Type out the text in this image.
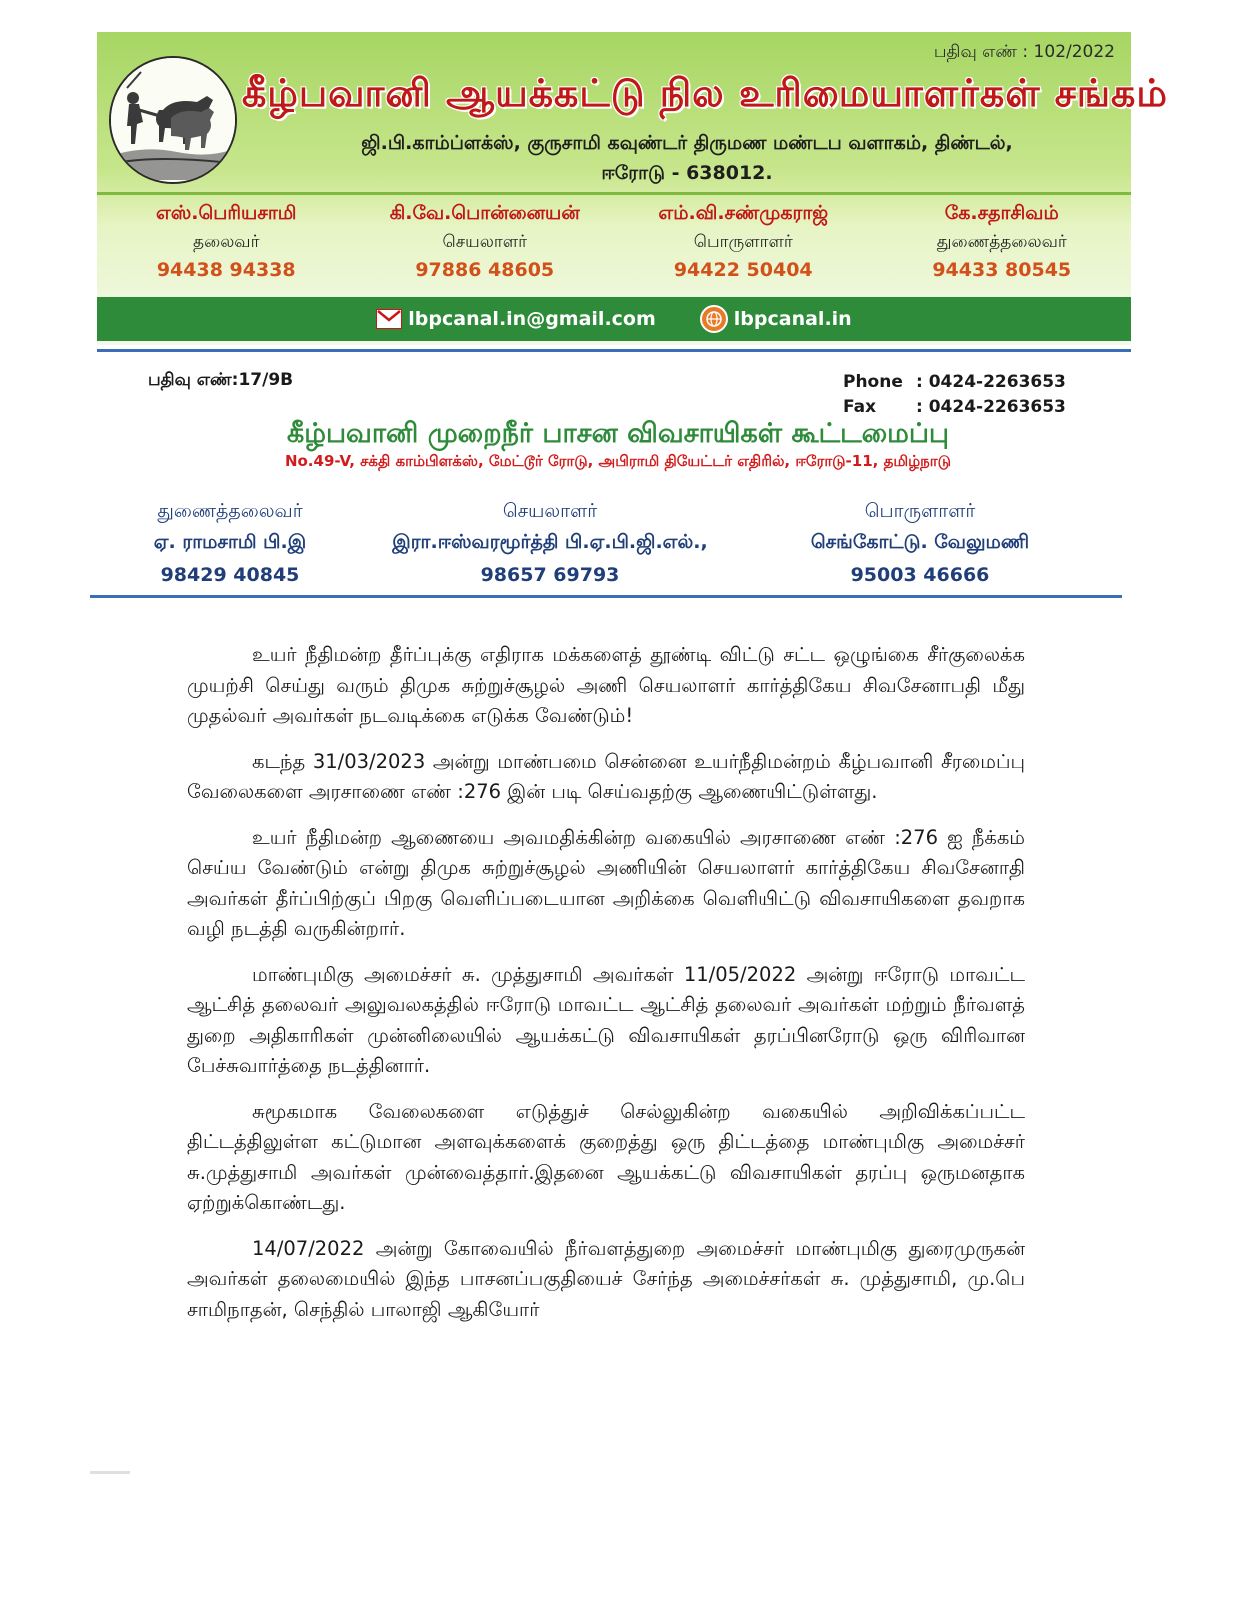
பதிவு எண் : 102/2022
கீழ்பவானி ஆயக்கட்டு நில உரிமையாளர்கள் சங்கம்
ஜி.பி.காம்ப்ளக்ஸ், குருசாமி கவுண்டர் திருமண மண்டப வளாகம், திண்டல்,
ஈரோடு - 638012.
எஸ்.பெரியசாமி
தலைவர்
94438 94338
கி.வே.பொன்னையன்
செயலாளர்
97886 48605
எம்.வி.சண்முகராஜ்
பொருளாளர்
94422 50404
கே.சதாசிவம்
துணைத்தலைவர்
94433 80545
lbpcanal.in@gmail.com	lbpcanal.in
பதிவு எண்:17/9B	Phone : 0424-2263653
Fax	: 0424-2263653
கீழ்பவானி முறைநீர் பாசன விவசாயிகள் கூட்டமைப்பு
No.49-V, சக்தி காம்பிளக்ஸ், மேட்டூர் ரோடு, அபிராமி தியேட்டர் எதிரில், ஈரோடு-11, தமிழ்நாடு
துணைத்தலைவர்
ஏ. ராமசாமி பி.இ
98429 40845
செயலாளர்
இரா.ஈஸ்வரமூர்த்தி பி.ஏ.பி.ஜி.எல்.,
98657 69793
பொருளாளர்
செங்கோட்டு. வேலுமணி
95003 46666

உயர் நீதிமன்ற தீர்ப்புக்கு எதிராக மக்களைத் தூண்டி விட்டு சட்ட ஒழுங்கை சீர்குலைக்க முயற்சி செய்து வரும் திமுக சுற்றுச்சூழல் அணி செயலாளர் கார்த்திகேய சிவசேனாபதி மீது முதல்வர் அவர்கள் நடவடிக்கை எடுக்க வேண்டும்!

கடந்த 31/03/2023 அன்று மாண்பமை சென்னை உயர்நீதிமன்றம் கீழ்பவானி சீரமைப்பு வேலைகளை அரசாணை எண் :276 இன் படி செய்வதற்கு ஆணையிட்டுள்ளது.

உயர் நீதிமன்ற ஆணையை அவமதிக்கின்ற வகையில் அரசாணை எண் :276 ஐ நீக்கம் செய்ய வேண்டும் என்று திமுக சுற்றுச்சூழல் அணியின் செயலாளர் கார்த்திகேய சிவசேனாதி அவர்கள் தீர்ப்பிற்குப் பிறகு வெளிப்படையான அறிக்கை வெளியிட்டு விவசாயிகளை தவறாக வழி நடத்தி வருகின்றார்.

மாண்புமிகு அமைச்சர் சு. முத்துசாமி அவர்கள் 11/05/2022 அன்று ஈரோடு மாவட்ட ஆட்சித் தலைவர் அலுவலகத்தில் ஈரோடு மாவட்ட ஆட்சித் தலைவர் அவர்கள் மற்றும் நீர்வளத் துறை அதிகாரிகள் முன்னிலையில் ஆயக்கட்டு விவசாயிகள் தரப்பினரோடு ஒரு விரிவான பேச்சுவார்த்தை நடத்தினார்.

சுமூகமாக வேலைகளை எடுத்துச் செல்லுகின்ற வகையில் அறிவிக்கப்பட்ட திட்டத்திலுள்ள கட்டுமான அளவுக்களைக் குறைத்து ஒரு திட்டத்தை மாண்புமிகு அமைச்சர் சு.முத்துசாமி அவர்கள் முன்வைத்தார்.இதனை ஆயக்கட்டு விவசாயிகள் தரப்பு ஒருமனதாக ஏற்றுக்கொண்டது.

14/07/2022 அன்று கோவையில் நீர்வளத்துறை அமைச்சர் மாண்புமிகு துரைமுருகன் அவர்கள் தலைமையில் இந்த பாசனப்பகுதியைச் சேர்ந்த அமைச்சர்கள் சு. முத்துசாமி, மு.பெ சாமிநாதன், செந்தில் பாலாஜி ஆகியோர்
